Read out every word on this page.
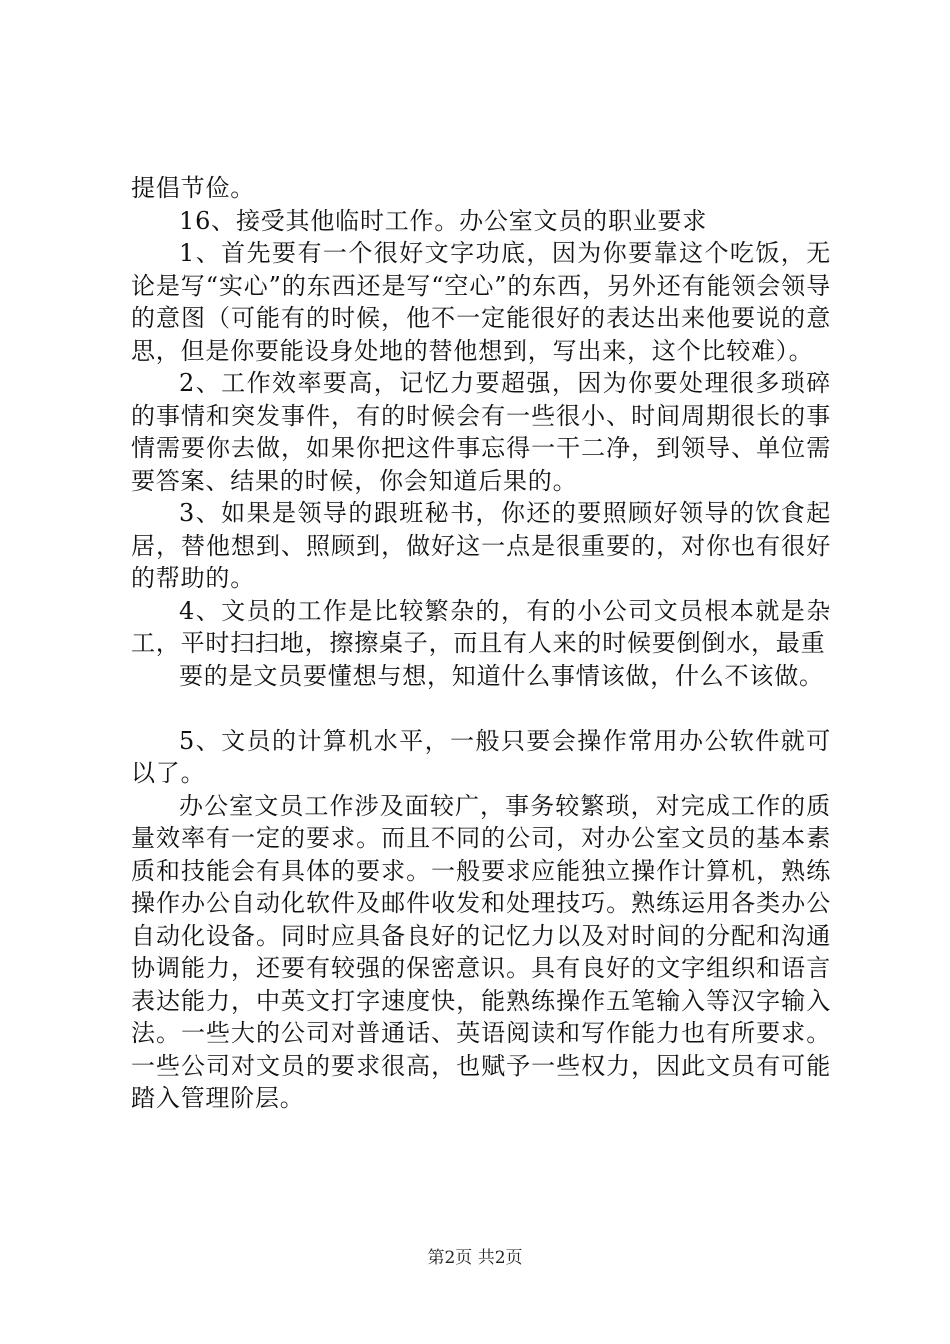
提倡节俭。

16、接受其他临时工作。办公室文员的职业要求

1、首先要有一个很好文字功底，因为你要靠这个吃饭，无论是写“实心”的东西还是写“空心”的东西，另外还有能领会领导的意图（可能有的时候，他不一定能很好的表达出来他要说的意思，但是你要能设身处地的替他想到，写出来，这个比较难）。

2、工作效率要高，记忆力要超强，因为你要处理很多琐碎的事情和突发事件，有的时候会有一些很小、时间周期很长的事情需要你去做，如果你把这件事忘得一干二净，到领导、单位需要答案、结果的时候，你会知道后果的。

3、如果是领导的跟班秘书，你还的要照顾好领导的饮食起居，替他想到、照顾到，做好这一点是很重要的，对你也有很好的帮助的。

4、文员的工作是比较繁杂的，有的小公司文员根本就是杂工，平时扫扫地，擦擦桌子，而且有人来的时候要倒倒水，最重

要的是文员要懂想与想，知道什么事情该做，什么不该做。

5、文员的计算机水平，一般只要会操作常用办公软件就可以了。

办公室文员工作涉及面较广，事务较繁琐，对完成工作的质量效率有一定的要求。而且不同的公司，对办公室文员的基本素质和技能会有具体的要求。一般要求应能独立操作计算机，熟练操作办公自动化软件及邮件收发和处理技巧。熟练运用各类办公自动化设备。同时应具备良好的记忆力以及对时间的分配和沟通协调能力，还要有较强的保密意识。具有良好的文字组织和语言表达能力，中英文打字速度快，能熟练操作五笔输入等汉字输入法。一些大的公司对普通话、英语阅读和写作能力也有所要求。一些公司对文员的要求很高，也赋予一些权力，因此文员有可能踏入管理阶层。

第2页 共2页
